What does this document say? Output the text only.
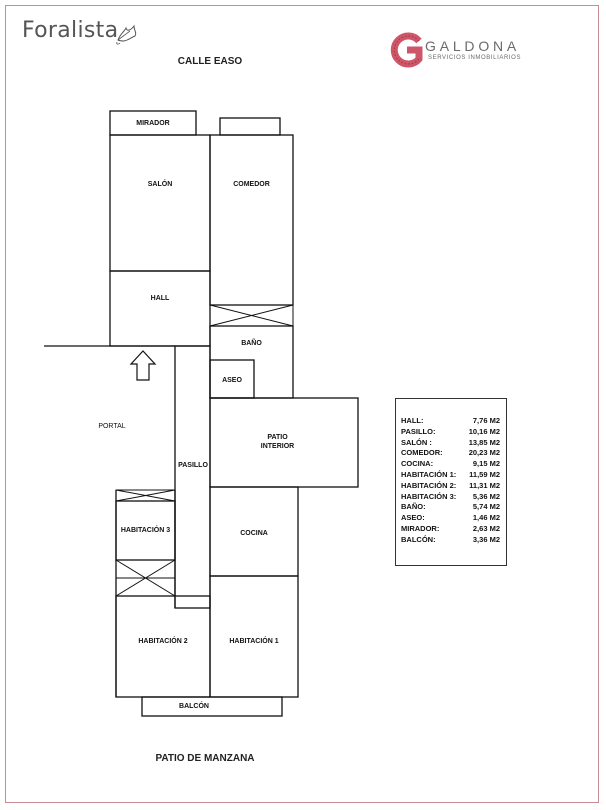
Foralista
GALDONA
SERVICIOS INMOBILIARIOS
CALLE EASO
PATIO DE MANZANA
MIRADOR
SALÓN	COMEDOR
HALL
BAÑO
ASEO
PORTAL
PATIO
INTERIOR
PASILLO
HABITACIÓN 3	COCINA
HABITACIÓN 2	HABITACIÓN 1
BALCÓN
HALL:	7,76 M2
PASILLO:	10,16 M2
SALÓN :	13,85 M2
COMEDOR:	20,23 M2
COCINA:	9,15 M2
HABITACIÓN 1: 11,59 M2
HABITACIÓN 2: 11,31 M2
HABITACIÓN 3: 5,36 M2
BAÑO:	5,74 M2
ASEO:	1,46 M2
MIRADOR:	2,63 M2
BALCÓN:	3,36 M2
